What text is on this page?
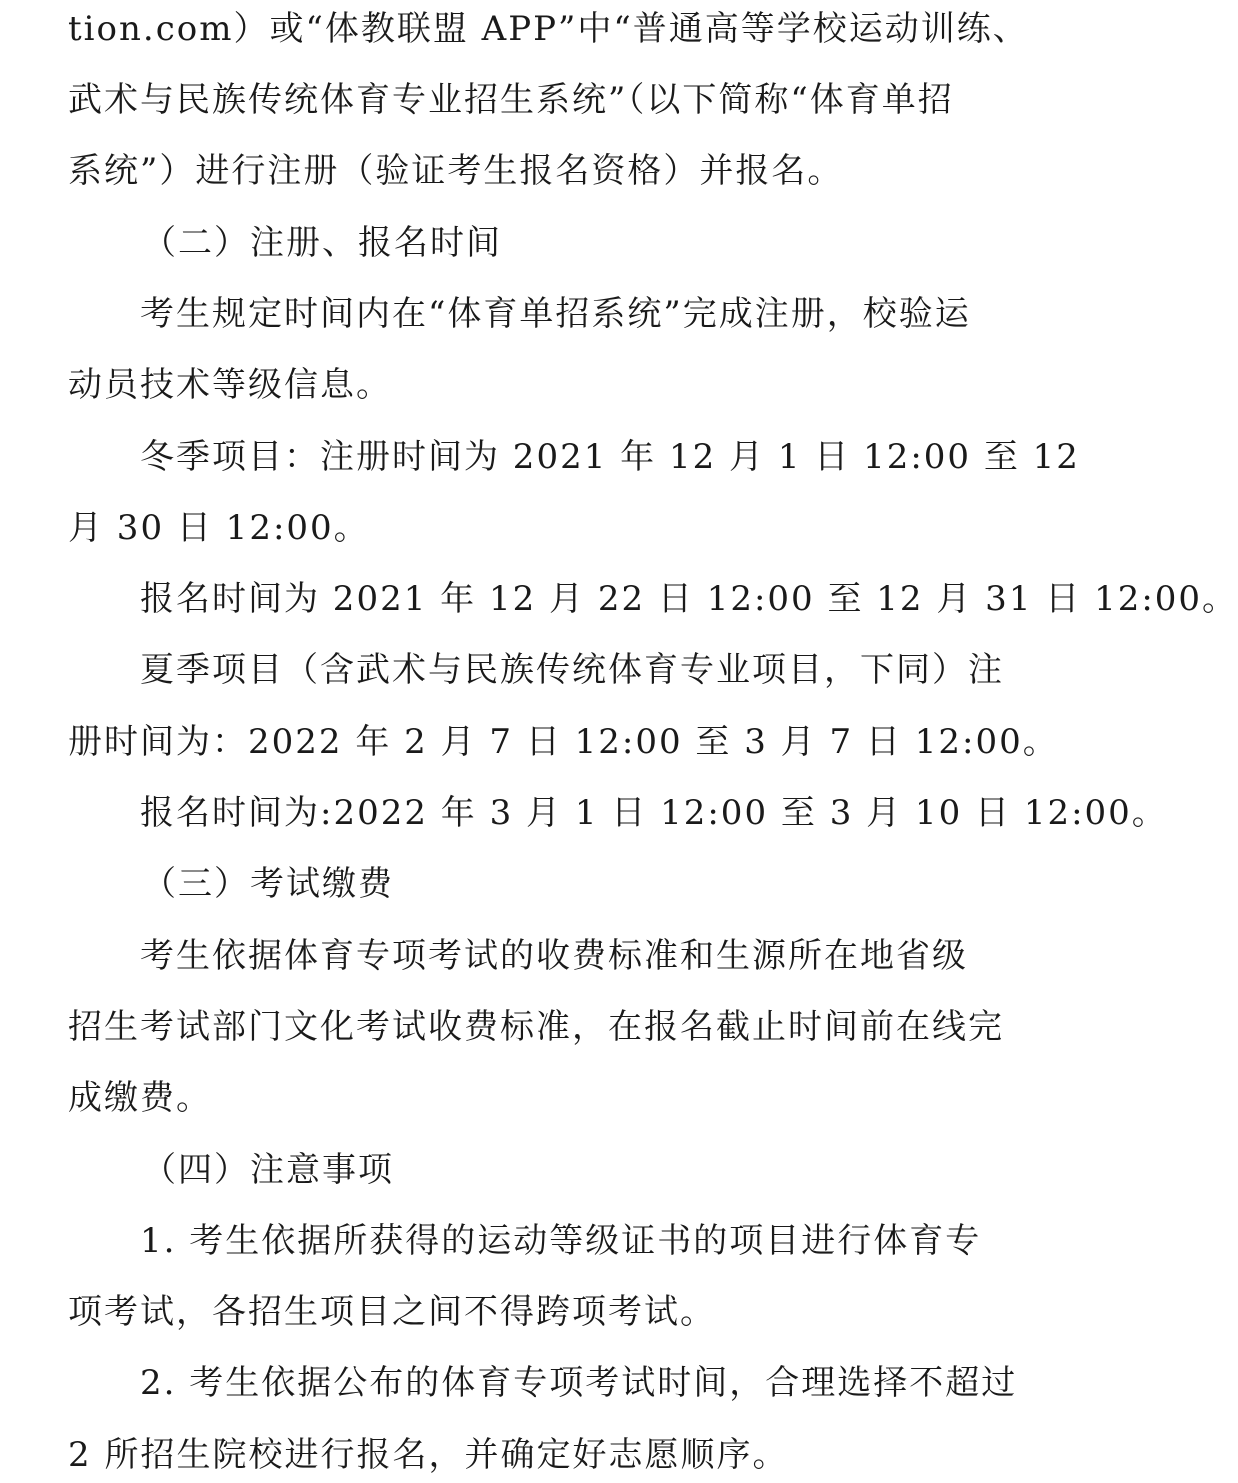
tion.com）或“体教联盟 APP”中“普通高等学校运动训练、
武术与民族传统体育专业招生系统”（以下简称“体育单招
系统”）进行注册（验证考生报名资格）并报名。
（二）注册、报名时间
考生规定时间内在“体育单招系统”完成注册，校验运
动员技术等级信息。
冬季项目：注册时间为 2021 年 12 月 1 日 12:00 至 12
月 30 日 12:00。
报名时间为 2021 年 12 月 22 日 12:00 至 12 月 31 日 12:00。
夏季项目（含武术与民族传统体育专业项目，下同）注
册时间为：2022 年 2 月 7 日 12:00 至 3 月 7 日 12:00。
报名时间为:2022 年 3 月 1 日 12:00 至 3 月 10 日 12:00。
（三）考试缴费
考生依据体育专项考试的收费标准和生源所在地省级
招生考试部门文化考试收费标准，在报名截止时间前在线完
成缴费。
（四）注意事项
1. 考生依据所获得的运动等级证书的项目进行体育专
项考试，各招生项目之间不得跨项考试。
2. 考生依据公布的体育专项考试时间，合理选择不超过
2 所招生院校进行报名，并确定好志愿顺序。
